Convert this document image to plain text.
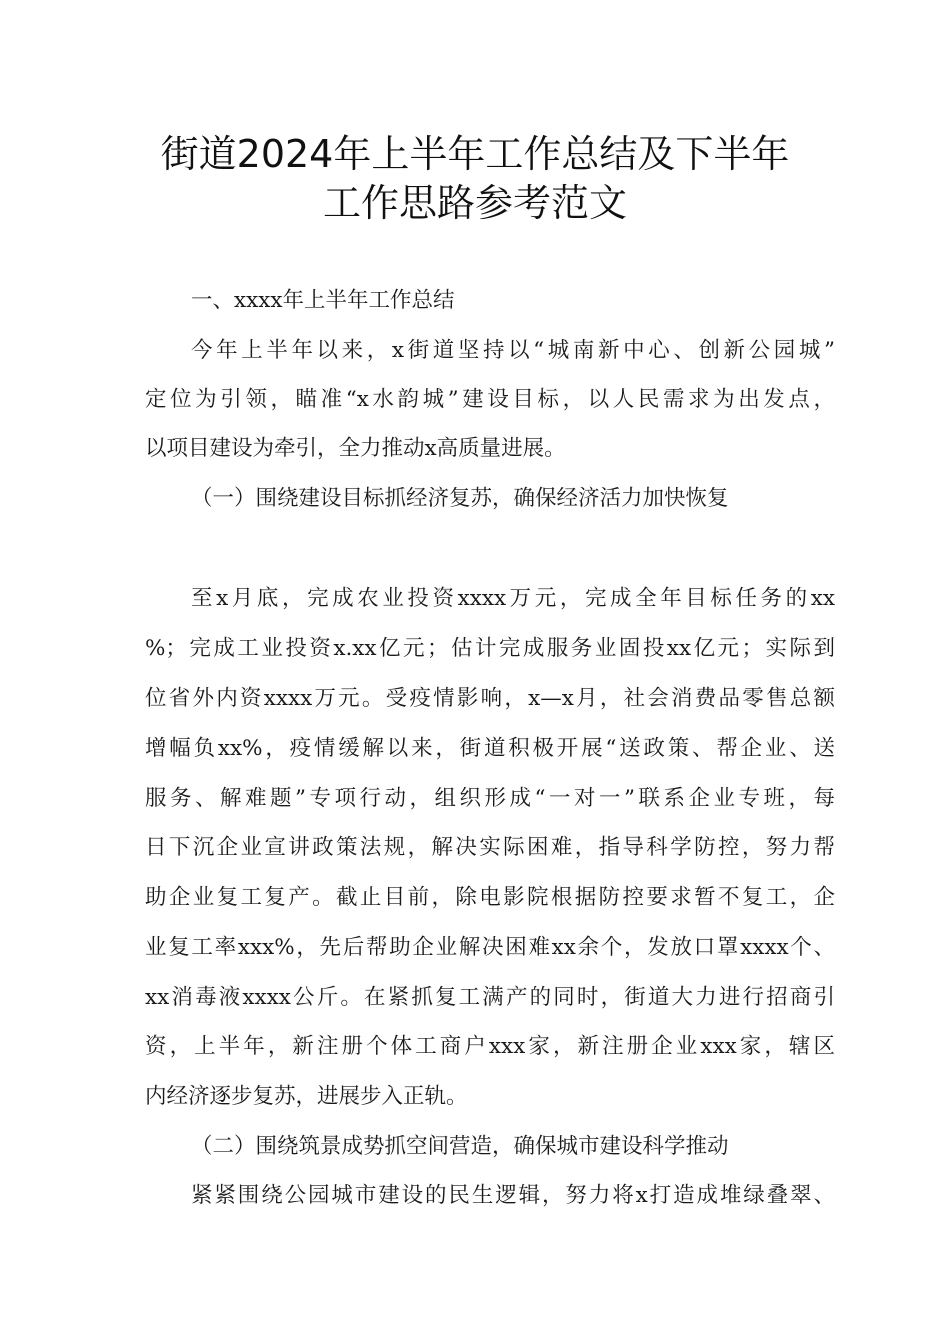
街道2024年上半年工作总结及下半年
工作思路参考范文
一、xxxx年上半年工作总结
今年上半年以来，x街道坚持以“城南新中心、创新公园城”
定位为引领，瞄准“x水韵城”建设目标，以人民需求为出发点，
以项目建设为牵引，全力推动x高质量进展。
（一）围绕建设目标抓经济复苏，确保经济活力加快恢复
至x月底，完成农业投资xxxx万元，完成全年目标任务的xx
%；完成工业投资x.xx亿元；估计完成服务业固投xx亿元；实际到
位省外内资xxxx万元。受疫情影响，x—x月，社会消费品零售总额
增幅负xx%，疫情缓解以来，街道积极开展“送政策、帮企业、送
服务、解难题”专项行动，组织形成“一对一”联系企业专班，每
日下沉企业宣讲政策法规，解决实际困难，指导科学防控，努力帮
助企业复工复产。截止目前，除电影院根据防控要求暂不复工，企
业复工率xxx%，先后帮助企业解决困难xx余个，发放口罩xxxx个、
xx消毒液xxxx公斤。在紧抓复工满产的同时，街道大力进行招商引
资，上半年，新注册个体工商户xxx家，新注册企业xxx家，辖区
内经济逐步复苏，进展步入正轨。
（二）围绕筑景成势抓空间营造，确保城市建设科学推动
紧紧围绕公园城市建设的民生逻辑，努力将x打造成堆绿叠翠、
